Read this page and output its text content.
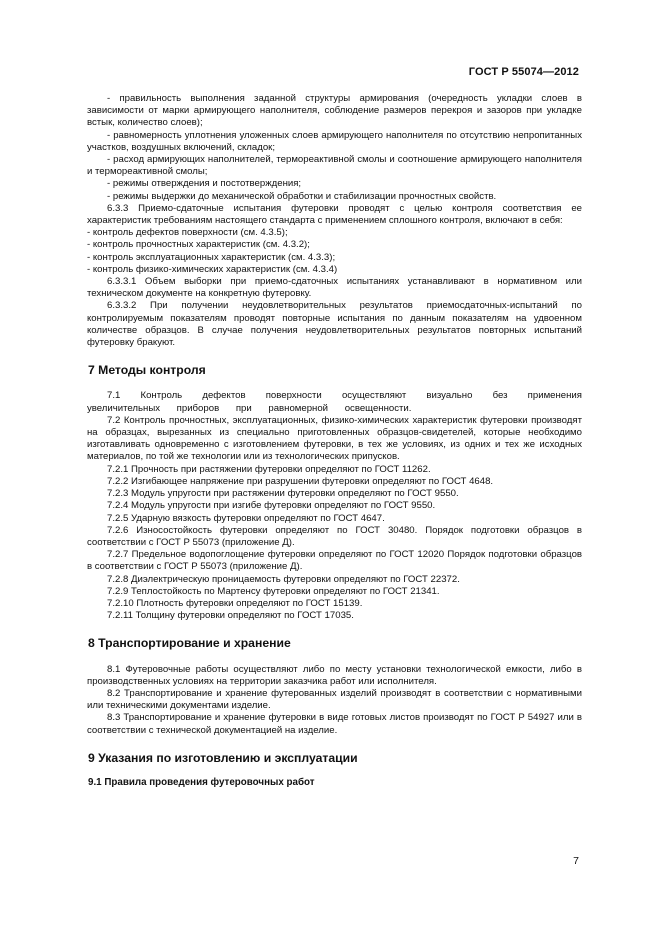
ГОСТ Р 55074—2012

- правильность выполнения заданной структуры армирования (очередность укладки слоев в зависимости от марки армирующего наполнителя, соблюдение размеров перекроя и зазоров при укладке встык, количество слоев);

- равномерность уплотнения уложенных слоев армирующего наполнителя по отсутствию непропитанных участков, воздушных включений, складок;

- расход армирующих наполнителей, термореактивной смолы и соотношение армирующего наполнителя и термореактивной смолы;

- режимы отверждения и постотверждения;

- режимы выдержки до механической обработки и стабилизации прочностных свойств.

6.3.3 Приемо-сдаточные испытания футеровки проводят с целью контроля соответствия ее характеристик требованиям настоящего стандарта с применением сплошного контроля, включают в себя:

- контроль дефектов поверхности (см. 4.3.5);

- контроль прочностных характеристик (см. 4.3.2);

- контроль эксплуатационных характеристик (см. 4.3.3);

- контроль физико-химических характеристик (см. 4.3.4)

6.3.3.1 Объем выборки при приемо-сдаточных испытаниях устанавливают в нормативном или техническом документе на конкретную футеровку.

6.3.3.2 При получении неудовлетворительных результатов приемосдаточных-испытаний по контролируемым показателям проводят повторные испытания по данным показателям на удвоенном количестве образцов. В случае получения неудовлетворительных результатов повторных испытаний футеровку бракуют.

7 Методы контроля

7.1 Контроль дефектов поверхности осуществляют визуально без применения увеличительных приборов при равномерной освещенности.

7.2 Контроль прочностных, эксплуатационных, физико-химических характеристик футеровки производят на образцах, вырезанных из специально приготовленных образцов-свидетелей, которые необходимо изготавливать одновременно с изготовлением футеровки, в тех же условиях, из одних и тех же исходных материалов, по той же технологии или из технологических припусков.

7.2.1 Прочность при растяжении футеровки определяют по ГОСТ 11262.

7.2.2 Изгибающее напряжение при разрушении футеровки определяют по ГОСТ 4648.

7.2.3 Модуль упругости при растяжении футеровки определяют по ГОСТ 9550.

7.2.4 Модуль упругости при изгибе футеровки определяют по ГОСТ 9550.

7.2.5 Ударную вязкость футеровки определяют по ГОСТ 4647.

7.2.6 Износостойкость футеровки определяют по ГОСТ 30480. Порядок подготовки образцов в соответствии с ГОСТ Р 55073 (приложение Д).

7.2.7 Предельное водопоглощение футеровки определяют по ГОСТ 12020 Порядок подготовки образцов в соответствии с ГОСТ Р 55073 (приложение Д).

7.2.8 Диэлектрическую проницаемость футеровки определяют по ГОСТ 22372.

7.2.9 Теплостойкость по Мартенсу футеровки определяют по ГОСТ 21341.

7.2.10 Плотность футеровки определяют по ГОСТ 15139.

7.2.11 Толщину футеровки определяют по ГОСТ 17035.

8 Транспортирование и хранение

8.1 Футеровочные работы осуществляют либо по месту установки технологической емкости, либо в производственных условиях на территории заказчика работ или исполнителя.

8.2 Транспортирование и хранение футерованных изделий производят в соответствии с нормативными или техническими документами изделие.

8.3 Транспортирование и хранение футеровки в виде готовых листов производят по ГОСТ Р 54927 или в соответствии с технической документацией на изделие.

9 Указания по изготовлению и эксплуатации
9.1 Правила проведения футеровочных работ
7
